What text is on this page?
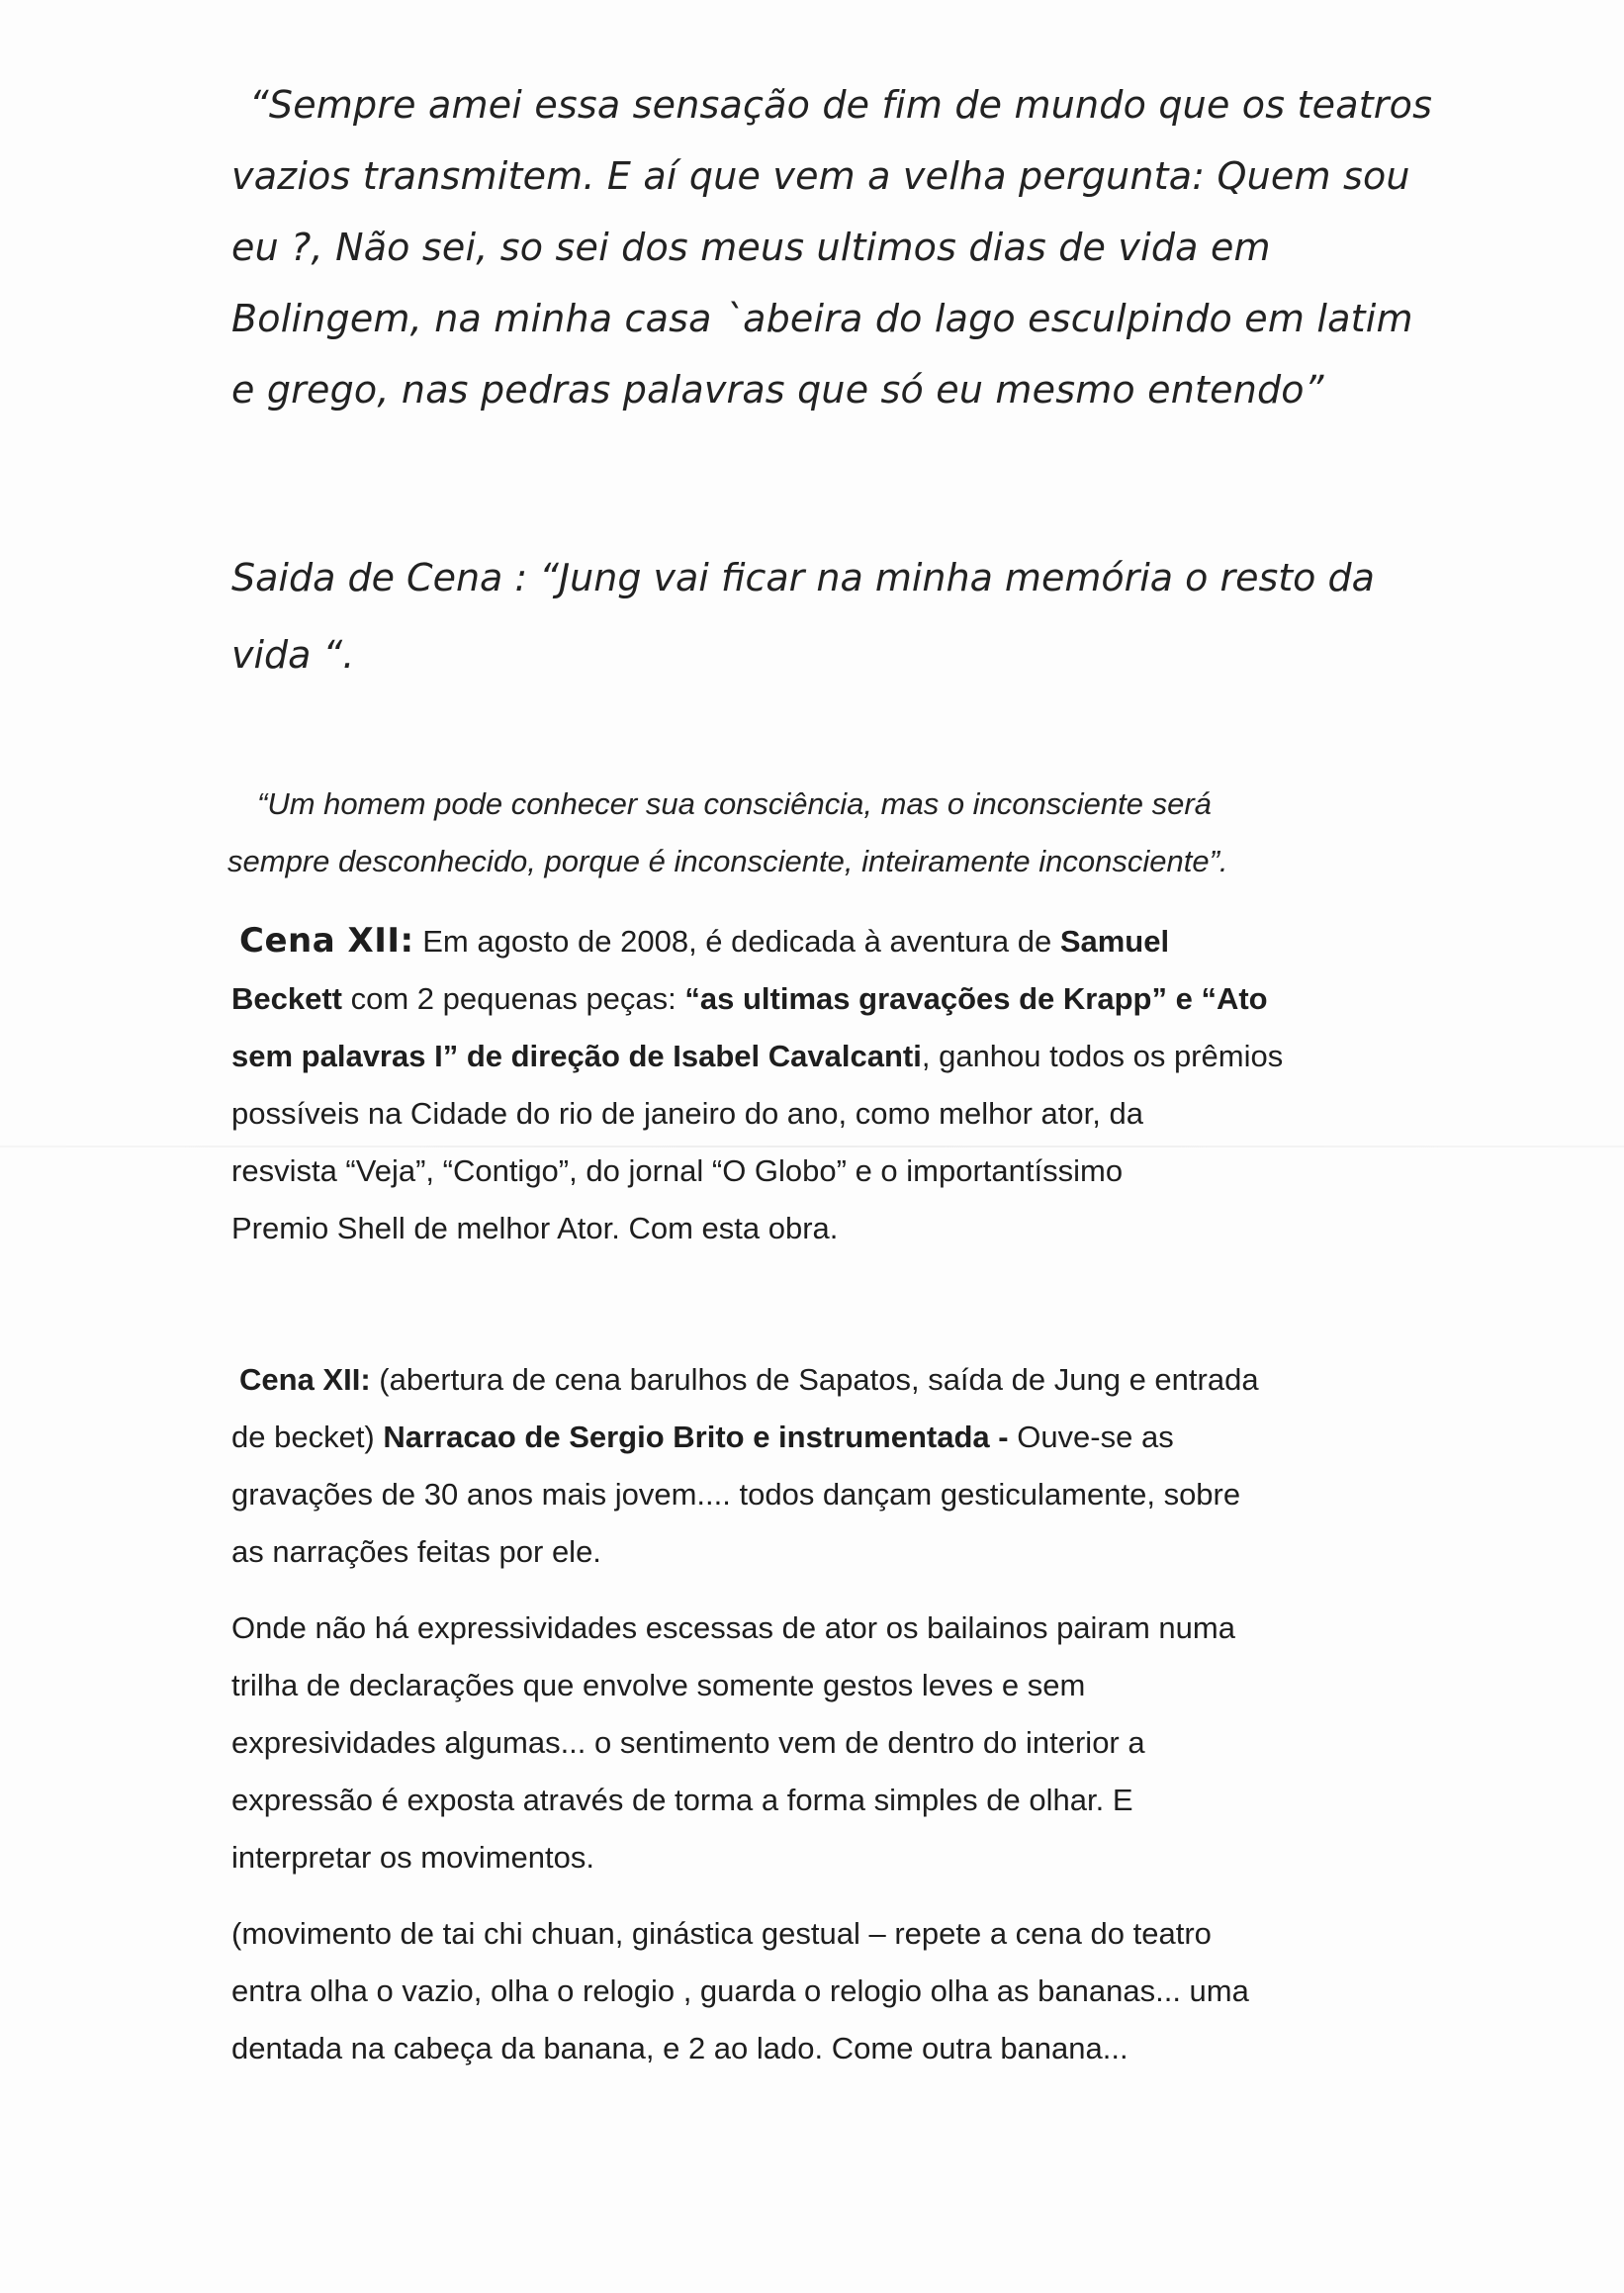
“Sempre amei essa sensação de fim de mundo que os teatros
vazios transmitem. E aí que vem a velha pergunta: Quem sou
eu ?, Não sei, so sei dos meus ultimos dias de vida em
Bolingem, na minha casa `abeira do lago esculpindo em latim
e grego, nas pedras palavras que só eu mesmo entendo”
Saida de Cena : “Jung vai ficar na minha memória o resto da
vida “.
“Um homem pode conhecer sua consciência, mas o inconsciente será
sempre desconhecido, porque é inconsciente, inteiramente inconsciente”.
Cena XII: Em agosto de 2008, é dedicada à aventura de Samuel
Beckett com 2 pequenas peças: “as ultimas gravações de Krapp” e “Ato
sem palavras I” de direção de Isabel Cavalcanti, ganhou todos os prêmios
possíveis na Cidade do rio de janeiro do ano, como melhor ator, da
resvista “Veja”, “Contigo”, do jornal “O Globo” e o importantíssimo
Premio Shell de melhor Ator. Com esta obra.
Cena XII: (abertura de cena barulhos de Sapatos, saída de Jung e entrada
de becket) Narracao de Sergio Brito e instrumentada - Ouve-se as
gravações de 30 anos mais jovem.... todos dançam gesticulamente, sobre
as narrações feitas por ele.
Onde não há expressividades escessas de ator os bailainos pairam numa
trilha de declarações que envolve somente gestos leves e sem
expresividades algumas... o sentimento vem de dentro do interior a
expressão é exposta através de torma a forma simples de olhar. E
interpretar os movimentos.
(movimento de tai chi chuan, ginástica gestual – repete a cena do teatro
entra olha o vazio, olha o relogio , guarda o relogio olha as bananas... uma
dentada na cabeça da banana, e 2 ao lado. Come outra banana...
